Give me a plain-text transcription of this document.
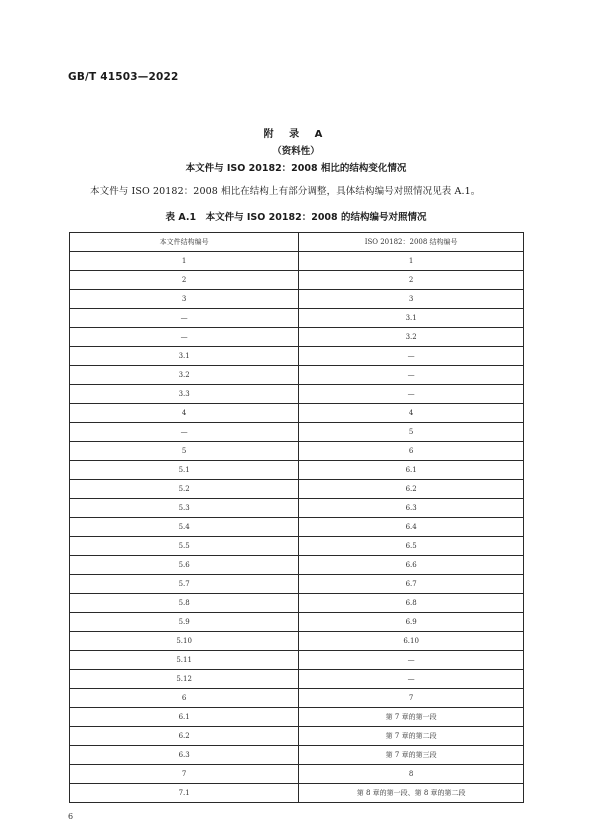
GB/T 41503—2022
附 录 A
（资料性）
本文件与 ISO 20182：2008 相比的结构变化情况
本文件与 ISO 20182：2008 相比在结构上有部分调整，具体结构编号对照情况见表 A.1。
表 A.1　本文件与 ISO 20182：2008 的结构编号对照情况
本文件结构编号	ISO 20182：2008 结构编号
1	1
2	2
3	3
—	3.1
—	3.2
3.1	—
3.2	—
3.3	—
4	4
—	5
5	6
5.1	6.1
5.2	6.2
5.3	6.3
5.4	6.4
5.5	6.5
5.6	6.6
5.7	6.7
5.8	6.8
5.9	6.9
5.10	6.10
5.11	—
5.12	—
6	7
6.1	第 7 章的第一段
6.2	第 7 章的第二段
6.3	第 7 章的第三段
7	8
7.1	第 8 章的第一段、第 8 章的第二段
6
